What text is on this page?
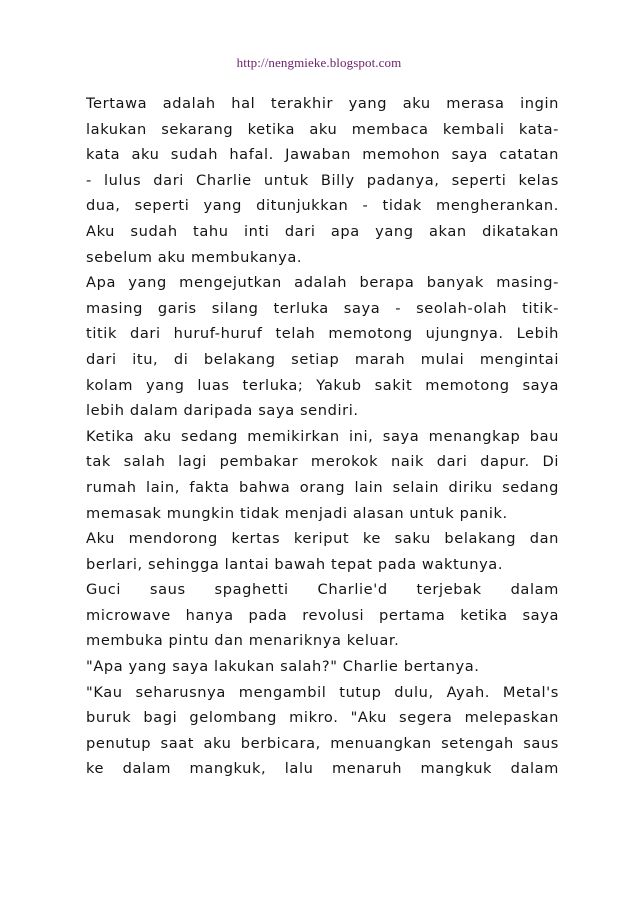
http://nengmieke.blogspot.com
Tertawa adalah hal terakhir yang aku merasa ingin
lakukan sekarang ketika aku membaca kembali kata-
kata aku sudah hafal. Jawaban memohon saya catatan
- lulus dari Charlie untuk Billy padanya, seperti kelas
dua, seperti yang ditunjukkan - tidak mengherankan.
Aku sudah tahu inti dari apa yang akan dikatakan
sebelum aku membukanya.
Apa yang mengejutkan adalah berapa banyak masing-
masing garis silang terluka saya - seolah-olah titik-
titik dari huruf-huruf telah memotong ujungnya. Lebih
dari itu, di belakang setiap marah mulai mengintai
kolam yang luas terluka; Yakub sakit memotong saya
lebih dalam daripada saya sendiri.
Ketika aku sedang memikirkan ini, saya menangkap bau
tak salah lagi pembakar merokok naik dari dapur. Di
rumah lain, fakta bahwa orang lain selain diriku sedang
memasak mungkin tidak menjadi alasan untuk panik.
Aku mendorong kertas keriput ke saku belakang dan
berlari, sehingga lantai bawah tepat pada waktunya.
Guci saus spaghetti Charlie'd terjebak dalam
microwave hanya pada revolusi pertama ketika saya
membuka pintu dan menariknya keluar.
"Apa yang saya lakukan salah?" Charlie bertanya.
"Kau seharusnya mengambil tutup dulu, Ayah. Metal's
buruk bagi gelombang mikro. "Aku segera melepaskan
penutup saat aku berbicara, menuangkan setengah saus
ke dalam mangkuk, lalu menaruh mangkuk dalam
